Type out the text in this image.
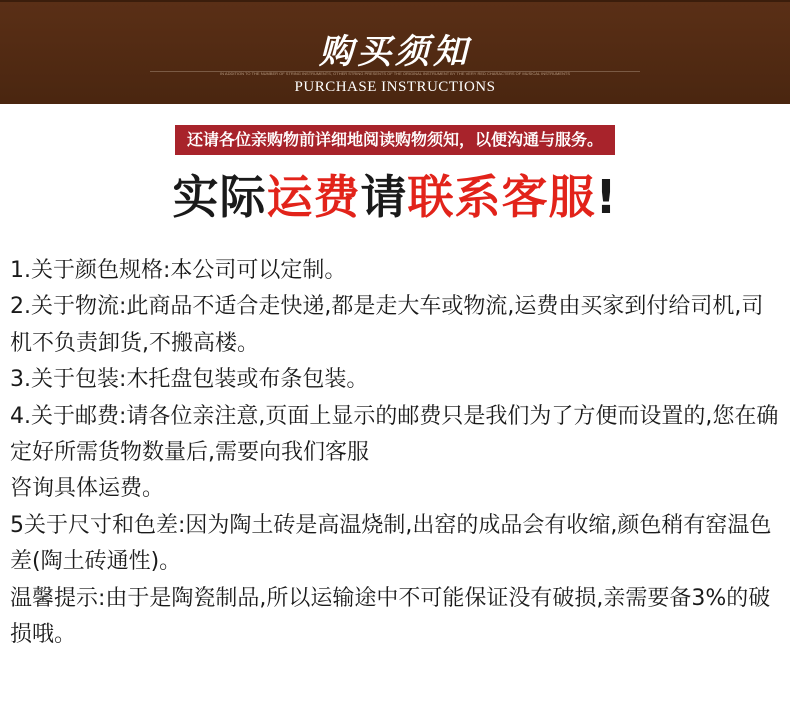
购买须知
IN ADDITION TO THE NUMBER OF STRING INSTRUMENTS, OTHER STRING PRESENTS OF THE ORIGINAL INSTRUMENT BY THE VERY RED CHARACTERS OF MUSICAL INSTRUMENTS
PURCHASE INSTRUCTIONS
还请各位亲购物前详细地阅读购物须知，以便沟通与服务。
实际运费请联系客服!

1.关于颜色规格:本公司可以定制。

2.关于物流:此商品不适合走快递,都是走大车或物流,运费由买家到付给司机,司机不负责卸货,不搬高楼。

3.关于包装:木托盘包装或布条包装。

4.关于邮费:请各位亲注意,页面上显示的邮费只是我们为了方便而设置的,您在确定好所需货物数量后,需要向我们客服

咨询具体运费。

5关于尺寸和色差:因为陶土砖是高温烧制,出窑的成品会有收缩,颜色稍有窑温色差(陶土砖通性)。

温馨提示:由于是陶瓷制品,所以运输途中不可能保证没有破损,亲需要备3%的破损哦。
